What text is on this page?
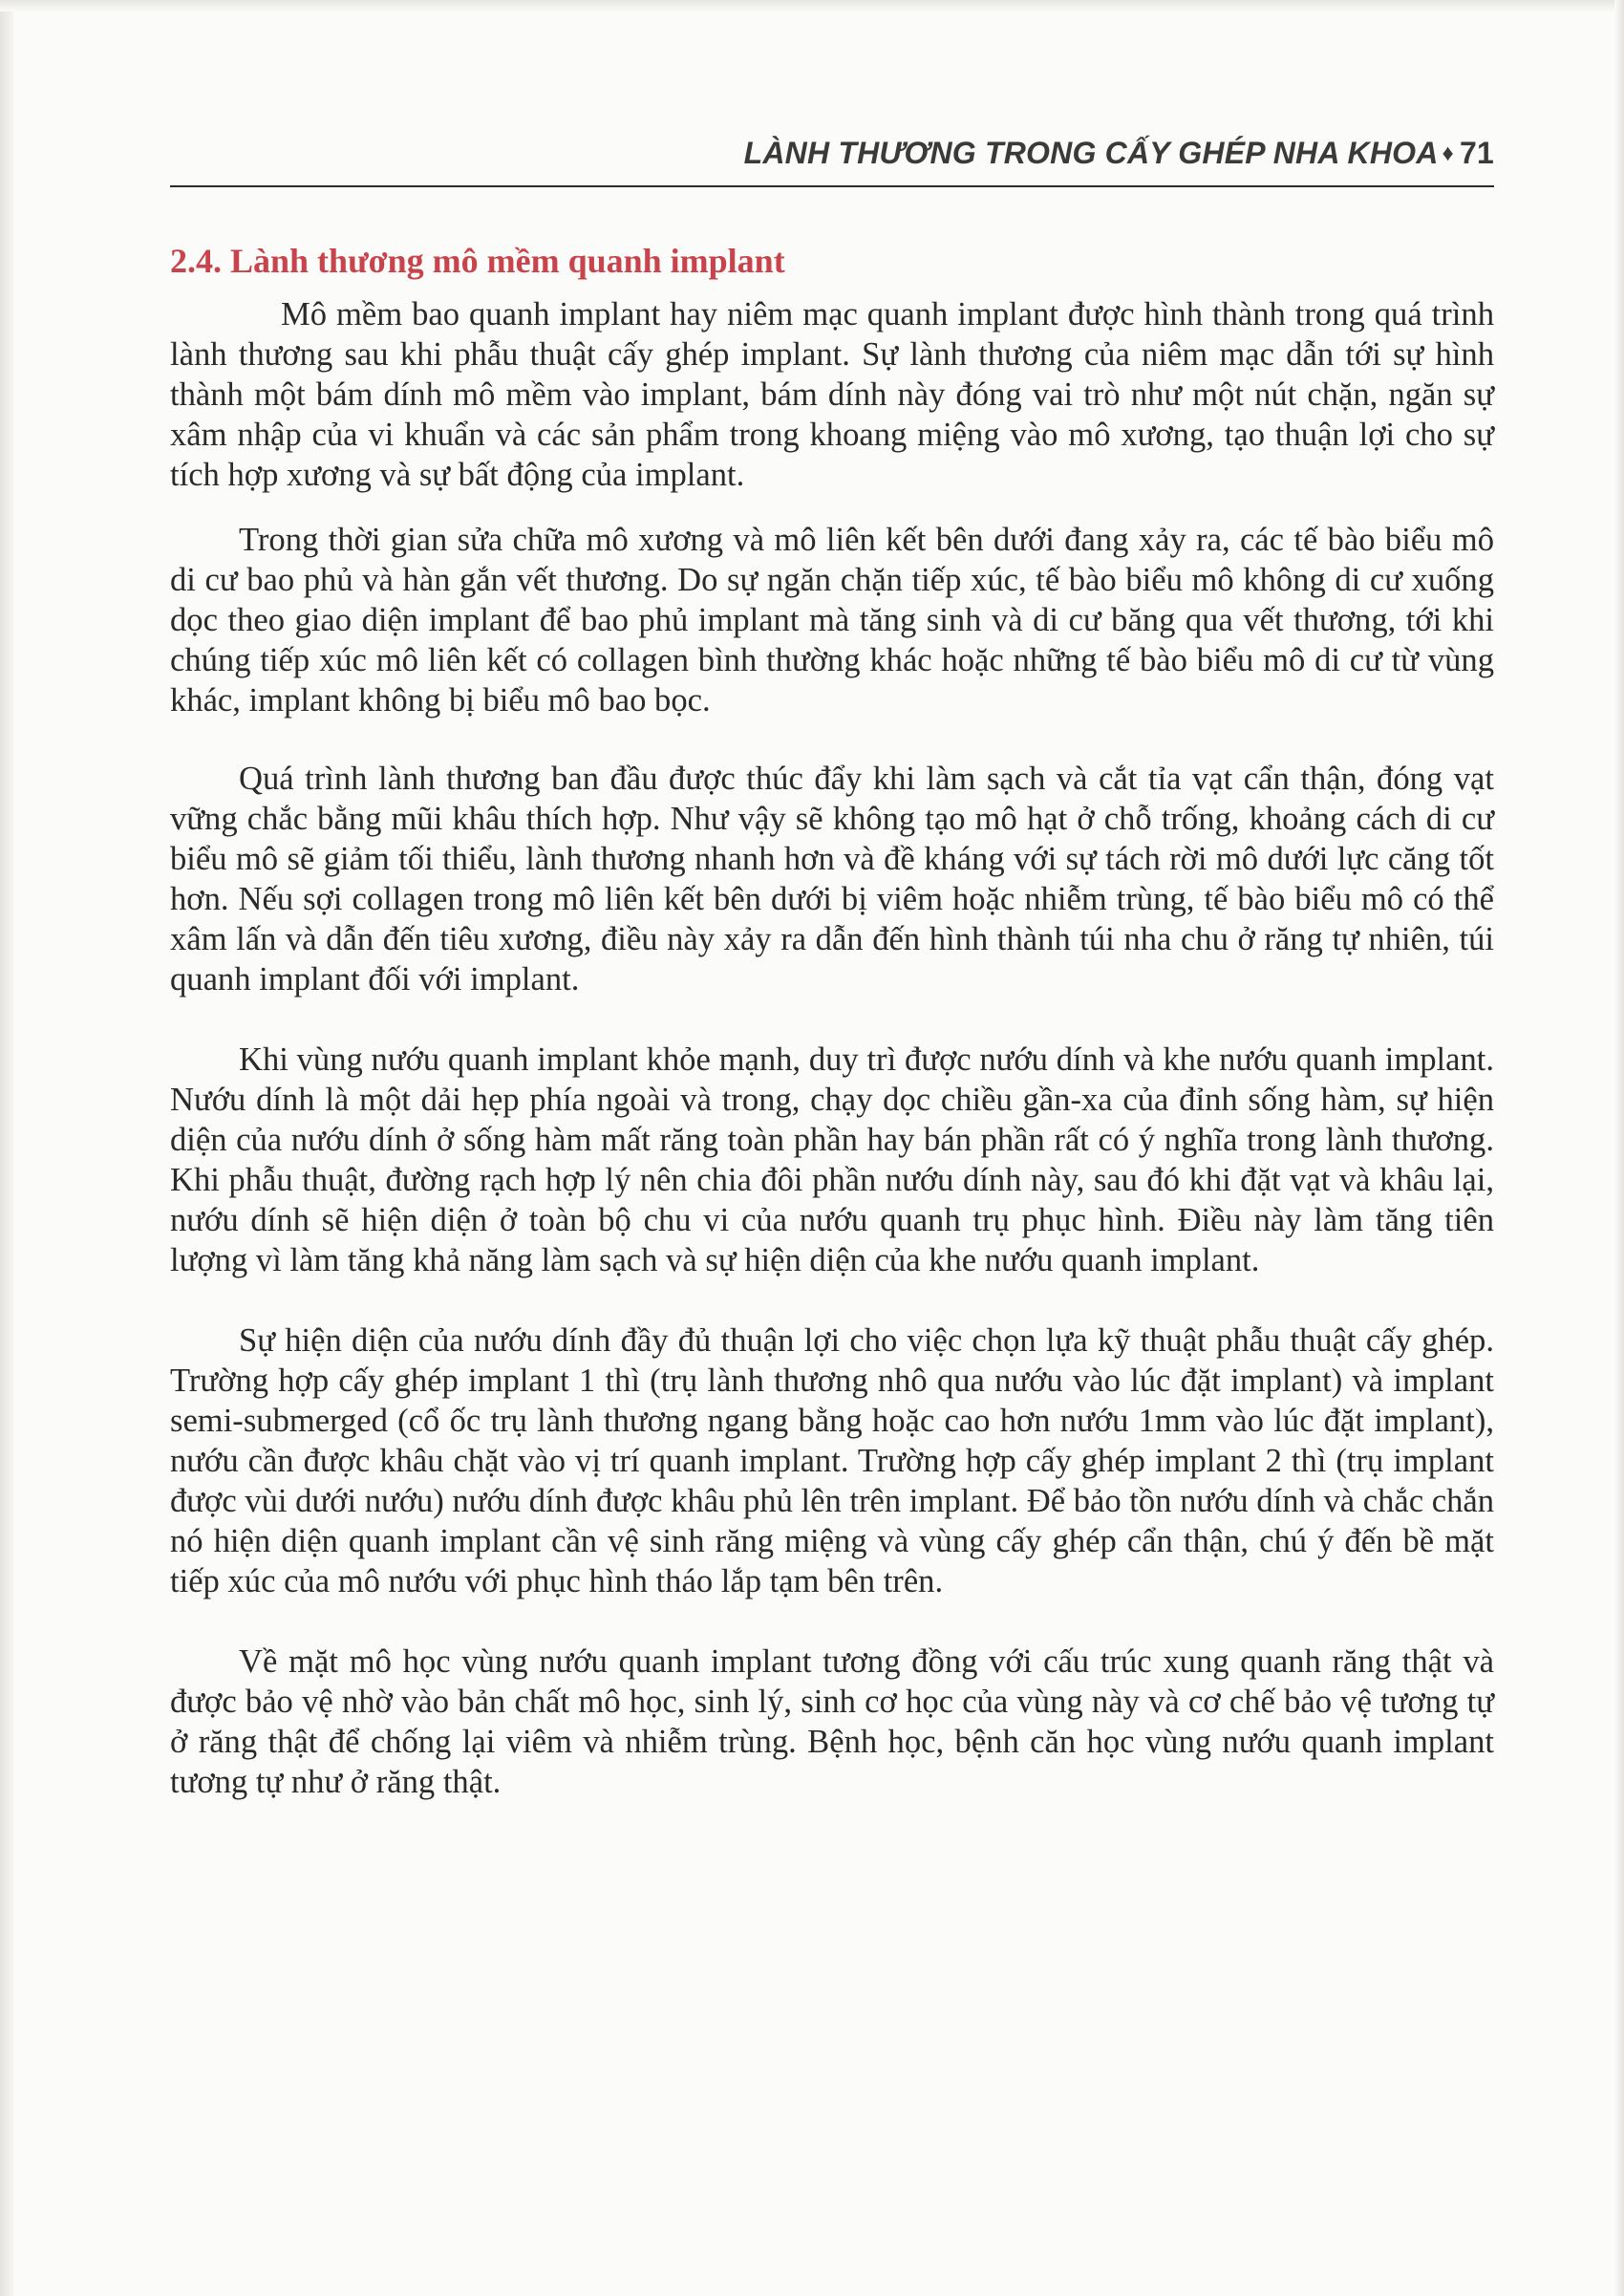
LÀNH THƯƠNG TRONG CẤY GHÉP NHA KHOA ♦ 71
2.4. Lành thương mô mềm quanh implant

Mô mềm bao quanh implant hay niêm mạc quanh implant được hình thành trong quá trình lành thương sau khi phẫu thuật cấy ghép implant. Sự lành thương của niêm mạc dẫn tới sự hình thành một bám dính mô mềm vào implant, bám dính này đóng vai trò như một nút chặn, ngăn sự xâm nhập của vi khuẩn và các sản phẩm trong khoang miệng vào mô xương, tạo thuận lợi cho sự tích hợp xương và sự bất động của implant.

Trong thời gian sửa chữa mô xương và mô liên kết bên dưới đang xảy ra, các tế bào biểu mô di cư bao phủ và hàn gắn vết thương. Do sự ngăn chặn tiếp xúc, tế bào biểu mô không di cư xuống dọc theo giao diện implant để bao phủ implant mà tăng sinh và di cư băng qua vết thương, tới khi chúng tiếp xúc mô liên kết có collagen bình thường khác hoặc những tế bào biểu mô di cư từ vùng khác, implant không bị biểu mô bao bọc.

Quá trình lành thương ban đầu được thúc đẩy khi làm sạch và cắt tỉa vạt cẩn thận, đóng vạt vững chắc bằng mũi khâu thích hợp. Như vậy sẽ không tạo mô hạt ở chỗ trống, khoảng cách di cư biểu mô sẽ giảm tối thiểu, lành thương nhanh hơn và đề kháng với sự tách rời mô dưới lực căng tốt hơn. Nếu sợi collagen trong mô liên kết bên dưới bị viêm hoặc nhiễm trùng, tế bào biểu mô có thể xâm lấn và dẫn đến tiêu xương, điều này xảy ra dẫn đến hình thành túi nha chu ở răng tự nhiên, túi quanh implant đối với implant.

Khi vùng nướu quanh implant khỏe mạnh, duy trì được nướu dính và khe nướu quanh implant. Nướu dính là một dải hẹp phía ngoài và trong, chạy dọc chiều gần-xa của đỉnh sống hàm, sự hiện diện của nướu dính ở sống hàm mất răng toàn phần hay bán phần rất có ý nghĩa trong lành thương. Khi phẫu thuật, đường rạch hợp lý nên chia đôi phần nướu dính này, sau đó khi đặt vạt và khâu lại, nướu dính sẽ hiện diện ở toàn bộ chu vi của nướu quanh trụ phục hình. Điều này làm tăng tiên lượng vì làm tăng khả năng làm sạch và sự hiện diện của khe nướu quanh implant.

Sự hiện diện của nướu dính đầy đủ thuận lợi cho việc chọn lựa kỹ thuật phẫu thuật cấy ghép. Trường hợp cấy ghép implant 1 thì (trụ lành thương nhô qua nướu vào lúc đặt implant) và implant semi-submerged (cổ ốc trụ lành thương ngang bằng hoặc cao hơn nướu 1mm vào lúc đặt implant), nướu cần được khâu chặt vào vị trí quanh implant. Trường hợp cấy ghép implant 2 thì (trụ implant được vùi dưới nướu) nướu dính được khâu phủ lên trên implant. Để bảo tồn nướu dính và chắc chắn nó hiện diện quanh implant cần vệ sinh răng miệng và vùng cấy ghép cẩn thận, chú ý đến bề mặt tiếp xúc của mô nướu với phục hình tháo lắp tạm bên trên.

Về mặt mô học vùng nướu quanh implant tương đồng với cấu trúc xung quanh răng thật và được bảo vệ nhờ vào bản chất mô học, sinh lý, sinh cơ học của vùng này và cơ chế bảo vệ tương tự ở răng thật để chống lại viêm và nhiễm trùng. Bệnh học, bệnh căn học vùng nướu quanh implant tương tự như ở răng thật.
